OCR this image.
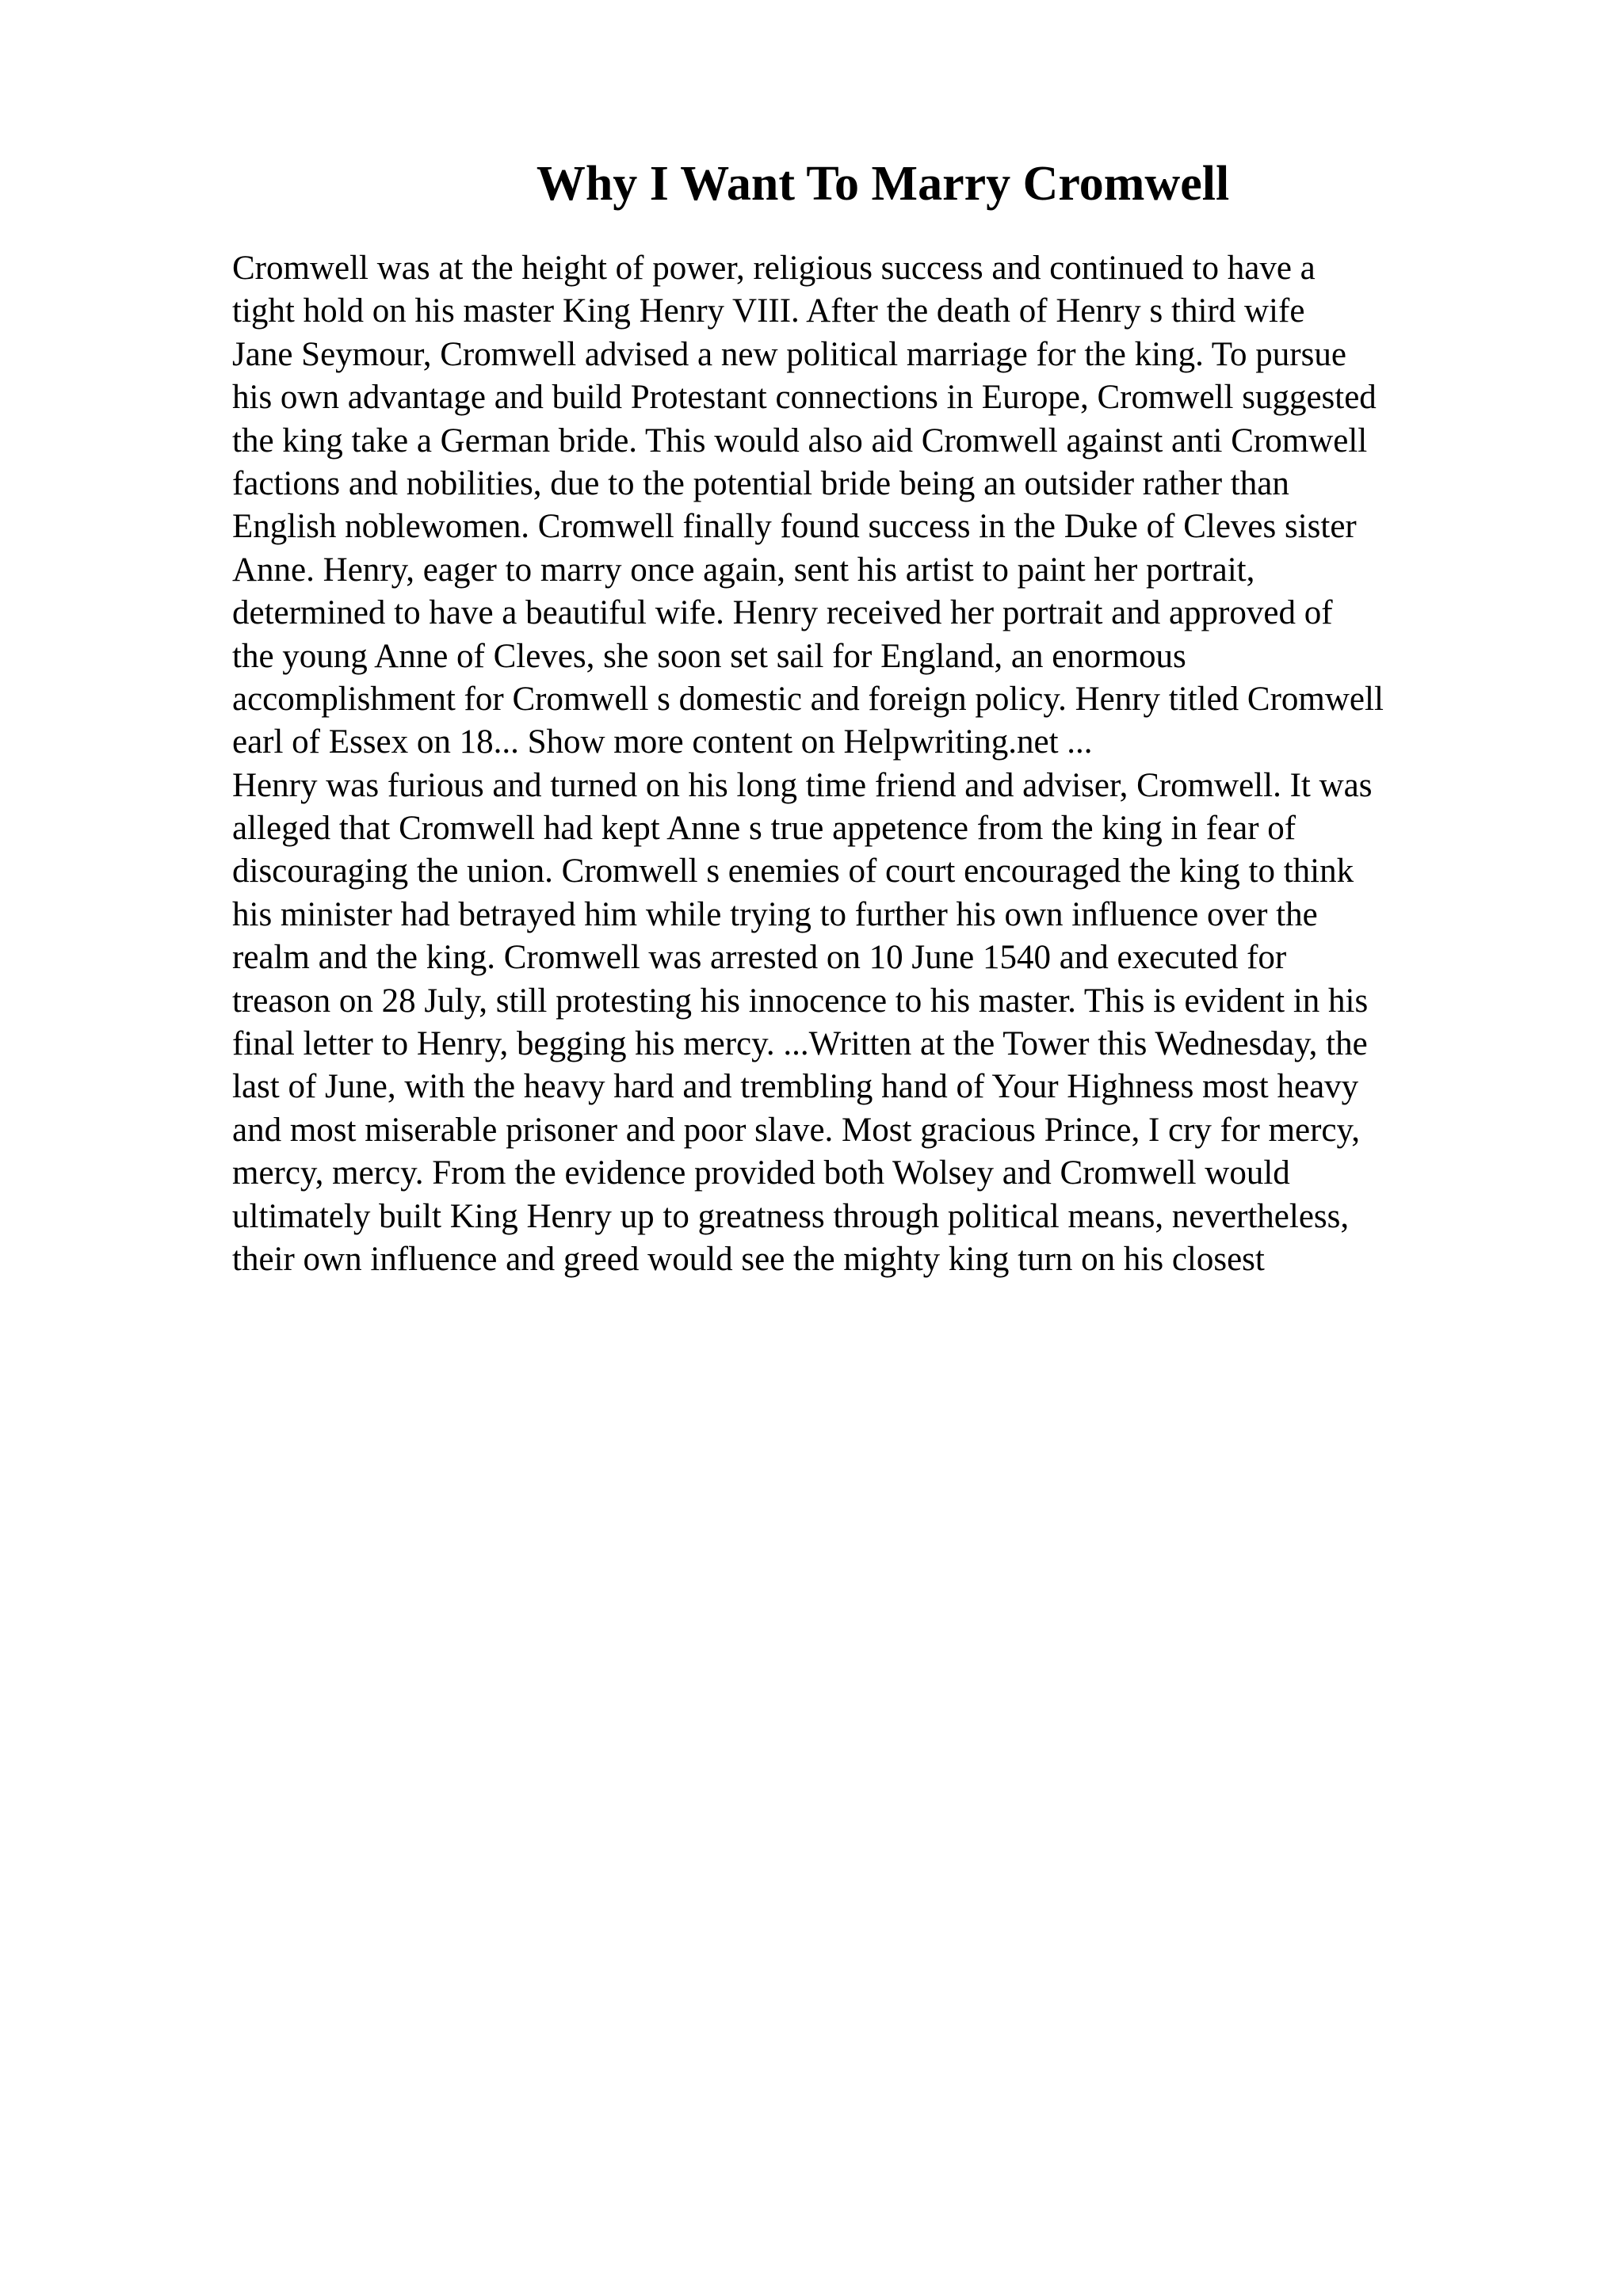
Why I Want To Marry Cromwell
Cromwell was at the height of power, religious success and continued to have a
tight hold on his master King Henry VIII. After the death of Henry s third wife
Jane Seymour, Cromwell advised a new political marriage for the king. To pursue
his own advantage and build Protestant connections in Europe, Cromwell suggested
the king take a German bride. This would also aid Cromwell against anti Cromwell
factions and nobilities, due to the potential bride being an outsider rather than
English noblewomen. Cromwell finally found success in the Duke of Cleves sister
Anne. Henry, eager to marry once again, sent his artist to paint her portrait,
determined to have a beautiful wife. Henry received her portrait and approved of
the young Anne of Cleves, she soon set sail for England, an enormous
accomplishment for Cromwell s domestic and foreign policy. Henry titled Cromwell
earl of Essex on 18... Show more content on Helpwriting.net ...
Henry was furious and turned on his long time friend and adviser, Cromwell. It was
alleged that Cromwell had kept Anne s true appetence from the king in fear of
discouraging the union. Cromwell s enemies of court encouraged the king to think
his minister had betrayed him while trying to further his own influence over the
realm and the king. Cromwell was arrested on 10 June 1540 and executed for
treason on 28 July, still protesting his innocence to his master. This is evident in his
final letter to Henry, begging his mercy. ...Written at the Tower this Wednesday, the
last of June, with the heavy hard and trembling hand of Your Highness most heavy
and most miserable prisoner and poor slave. Most gracious Prince, I cry for mercy,
mercy, mercy. From the evidence provided both Wolsey and Cromwell would
ultimately built King Henry up to greatness through political means, nevertheless,
their own influence and greed would see the mighty king turn on his closest
